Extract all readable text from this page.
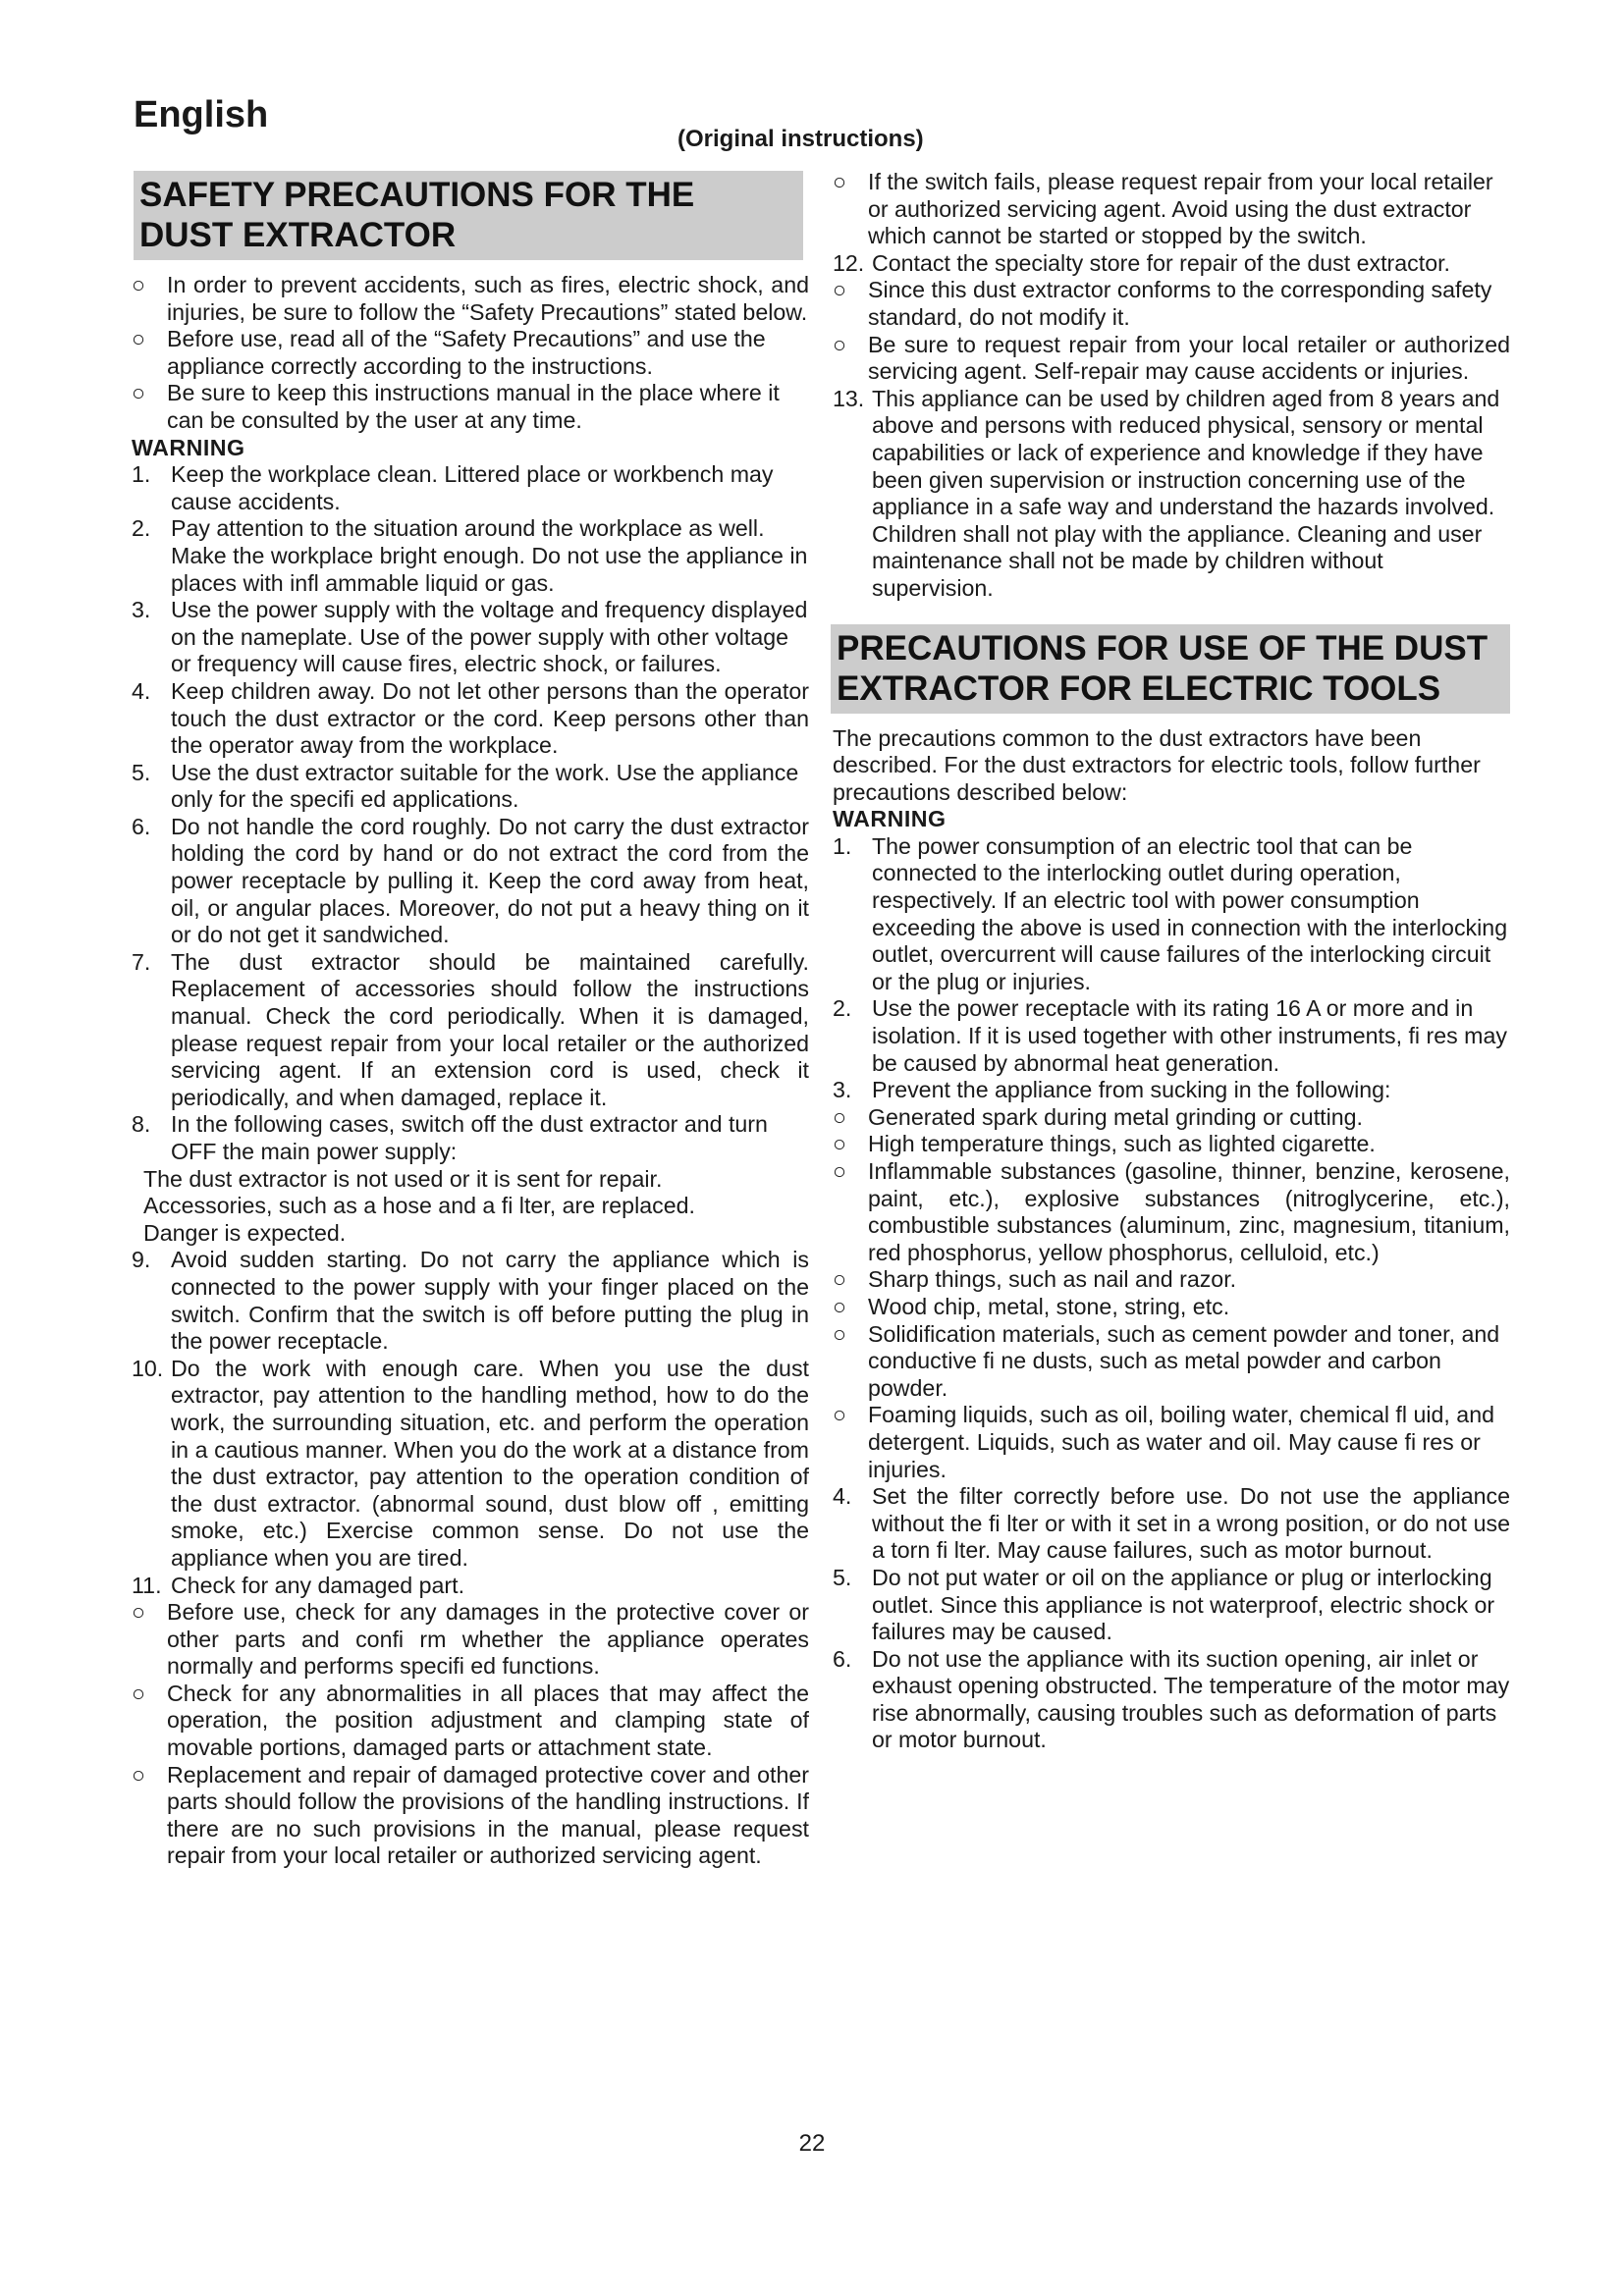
English
(Original instructions)
SAFETY PRECAUTIONS FOR THE DUST EXTRACTOR
○ In order to prevent accidents, such as fires, electric shock, and injuries, be sure to follow the “Safety Precautions” stated below.
○ Before use, read all of the “Safety Precautions” and use the appliance correctly according to the instructions.
○ Be sure to keep this instructions manual in the place where it can be consulted by the user at any time.
WARNING
1. Keep the workplace clean. Littered place or workbench may cause accidents.
2. Pay attention to the situation around the workplace as well. Make the workplace bright enough. Do not use the appliance in places with infl ammable liquid or gas.
3. Use the power supply with the voltage and frequency displayed on the nameplate. Use of the power supply with other voltage or frequency will cause fires, electric shock, or failures.
4. Keep children away. Do not let other persons than the operator touch the dust extractor or the cord. Keep persons other than the operator away from the workplace.
5. Use the dust extractor suitable for the work. Use the appliance only for the specifi ed applications.
6. Do not handle the cord roughly. Do not carry the dust extractor holding the cord by hand or do not extract the cord from the power receptacle by pulling it. Keep the cord away from heat, oil, or angular places. Moreover, do not put a heavy thing on it or do not get it sandwiched.
7. The dust extractor should be maintained carefully. Replacement of accessories should follow the instructions manual. Check the cord periodically. When it is damaged, please request repair from your local retailer or the authorized servicing agent. If an extension cord is used, check it periodically, and when damaged, replace it.
8. In the following cases, switch off the dust extractor and turn OFF the main power supply:
The dust extractor is not used or it is sent for repair.
Accessories, such as a hose and a fi lter, are replaced.
Danger is expected.
9. Avoid sudden starting. Do not carry the appliance which is connected to the power supply with your finger placed on the switch. Confirm that the switch is off before putting the plug in the power receptacle.
10. Do the work with enough care. When you use the dust extractor, pay attention to the handling method, how to do the work, the surrounding situation, etc. and perform the operation in a cautious manner. When you do the work at a distance from the dust extractor, pay attention to the operation condition of the dust extractor. (abnormal sound, dust blow off , emitting smoke, etc.) Exercise common sense. Do not use the appliance when you are tired.
11. Check for any damaged part.
○ Before use, check for any damages in the protective cover or other parts and confi rm whether the appliance operates normally and performs specifi ed functions.
○ Check for any abnormalities in all places that may affect the operation, the position adjustment and clamping state of movable portions, damaged parts or attachment state.
○ Replacement and repair of damaged protective cover and other parts should follow the provisions of the handling instructions. If there are no such provisions in the manual, please request repair from your local retailer or authorized servicing agent.
○ If the switch fails, please request repair from your local retailer or authorized servicing agent. Avoid using the dust extractor which cannot be started or stopped by the switch.
12. Contact the specialty store for repair of the dust extractor.
○ Since this dust extractor conforms to the corresponding safety standard, do not modify it.
○ Be sure to request repair from your local retailer or authorized servicing agent. Self-repair may cause accidents or injuries.
13. This appliance can be used by children aged from 8 years and above and persons with reduced physical, sensory or mental capabilities or lack of experience and knowledge if they have been given supervision or instruction concerning use of the appliance in a safe way and understand the hazards involved. Children shall not play with the appliance. Cleaning and user maintenance shall not be made by children without supervision.
PRECAUTIONS FOR USE OF THE DUST EXTRACTOR FOR ELECTRIC TOOLS

The precautions common to the dust extractors have been described. For the dust extractors for electric tools, follow further precautions described below:

WARNING
1. The power consumption of an electric tool that can be connected to the interlocking outlet during operation, respectively. If an electric tool with power consumption exceeding the above is used in connection with the interlocking outlet, overcurrent will cause failures of the interlocking circuit or the plug or injuries.
2. Use the power receptacle with its rating 16 A or more and in isolation. If it is used together with other instruments, fi res may be caused by abnormal heat generation.
3. Prevent the appliance from sucking in the following:
○ Generated spark during metal grinding or cutting.
○ High temperature things, such as lighted cigarette.
○ Inflammable substances (gasoline, thinner, benzine, kerosene, paint, etc.), explosive substances (nitroglycerine, etc.), combustible substances (aluminum, zinc, magnesium, titanium, red phosphorus, yellow phosphorus, celluloid, etc.)
○ Sharp things, such as nail and razor.
○ Wood chip, metal, stone, string, etc.
○ Solidification materials, such as cement powder and toner, and conductive fi ne dusts, such as metal powder and carbon powder.
○ Foaming liquids, such as oil, boiling water, chemical fl uid, and detergent. Liquids, such as water and oil. May cause fi res or injuries.
4. Set the filter correctly before use. Do not use the appliance without the fi lter or with it set in a wrong position, or do not use a torn fi lter. May cause failures, such as motor burnout.
5. Do not put water or oil on the appliance or plug or interlocking outlet. Since this appliance is not waterproof, electric shock or failures may be caused.
6. Do not use the appliance with its suction opening, air inlet or exhaust opening obstructed. The temperature of the motor may rise abnormally, causing troubles such as deformation of parts or motor burnout.
22
